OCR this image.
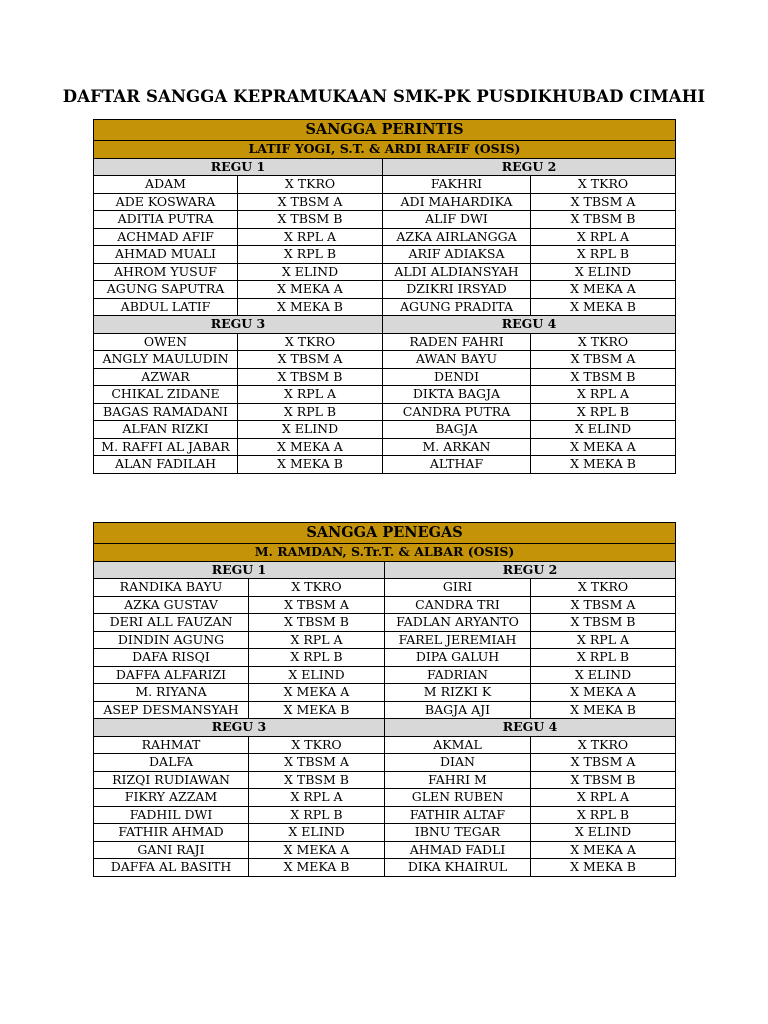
DAFTAR SANGGA KEPRAMUKAAN SMK-PK PUSDIKHUBAD CIMAHI
SANGGA PERINTIS			
LATIF YOGI, S.T. & ARDI RAFIF (OSIS)			
REGU 1		REGU 2	
ADAM	X TKRO	FAKHRI	X TKRO
ADE KOSWARA	X TBSM A	ADI MAHARDIKA	X TBSM A
ADITIA PUTRA	X TBSM B	ALIF DWI	X TBSM B
ACHMAD AFIF	X RPL A	AZKA AIRLANGGA	X RPL A
AHMAD MUALI	X RPL B	ARIF ADIAKSA	X RPL B
AHROM YUSUF	X ELIND	ALDI ALDIANSYAH	X ELIND
AGUNG SAPUTRA	X MEKA A	DZIKRI IRSYAD	X MEKA A
ABDUL LATIF	X MEKA B	AGUNG PRADITA	X MEKA B
REGU 3		REGU 4	
OWEN	X TKRO	RADEN FAHRI	X TKRO
ANGLY MAULUDIN	X TBSM A	AWAN BAYU	X TBSM A
AZWAR	X TBSM B	DENDI	X TBSM B
CHIKAL ZIDANE	X RPL A	DIKTA BAGJA	X RPL A
BAGAS RAMADANI	X RPL B	CANDRA PUTRA	X RPL B
ALFAN RIZKI	X ELIND	BAGJA	X ELIND
M. RAFFI AL JABAR	X MEKA A	M. ARKAN	X MEKA A
ALAN FADILAH	X MEKA B	ALTHAF	X MEKA B
SANGGA PENEGAS			
M. RAMDAN, S.Tr.T. & ALBAR (OSIS)			
REGU 1		REGU 2	
RANDIKA BAYU	X TKRO	GIRI	X TKRO
AZKA GUSTAV	X TBSM A	CANDRA TRI	X TBSM A
DERI ALL FAUZAN	X TBSM B	FADLAN ARYANTO	X TBSM B
DINDIN AGUNG	X RPL A	FAREL JEREMIAH	X RPL A
DAFA RISQI	X RPL B	DIPA GALUH	X RPL B
DAFFA ALFARIZI	X ELIND	FADRIAN	X ELIND
M. RIYANA	X MEKA A	M RIZKI K	X MEKA A
ASEP DESMANSYAH	X MEKA B	BAGJA AJI	X MEKA B
REGU 3		REGU 4	
RAHMAT	X TKRO	AKMAL	X TKRO
DALFA	X TBSM A	DIAN	X TBSM A
RIZQI RUDIAWAN	X TBSM B	FAHRI M	X TBSM B
FIKRY AZZAM	X RPL A	GLEN RUBEN	X RPL A
FADHIL DWI	X RPL B	FATHIR ALTAF	X RPL B
FATHIR AHMAD	X ELIND	IBNU TEGAR	X ELIND
GANI RAJI	X MEKA A	AHMAD FADLI	X MEKA A
DAFFA AL BASITH	X MEKA B	DIKA KHAIRUL	X MEKA B
